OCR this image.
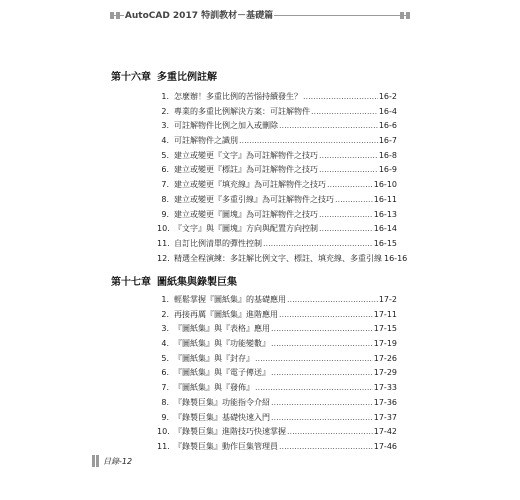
AutoCAD 2017 特訓教材－基礎篇
第十六章 多重比例註解
1. 怎麼辦！多重比例的苦惱持續發生？ .....	16-2
2. 專業的多重比例解決方案：可註解物件 .....	16-4
3. 可註解物件比例之加入或刪除 .....	16-6
4. 可註解物件之識別 .....	16-7
5. 建立或變更『文字』為可註解物件之技巧 .....	16-8
6. 建立或變更『標註』為可註解物件之技巧 .....	16-9
7. 建立或變更『填充線』為可註解物件之技巧 .....	16-10
8. 建立或變更『多重引線』為可註解物件之技巧 .....	16-11
9. 建立或變更『圖塊』為可註解物件之技巧 .....	16-13
10. 『文字』與『圖塊』方向與配置方向控制 .....	16-14
11. 自訂比例清單的彈性控制 .....	16-15
12. 精選全程演練：多註解比例文字、標註、填充線、多重引線 16-16
第十七章 圖紙集與錄製巨集
1. 輕鬆掌握『圖紙集』的基礎應用 .....	17-2
2. 再接再厲『圖紙集』進階應用 .....	17-11
3. 『圖紙集』與『表格』應用 .....	17-15
4. 『圖紙集』與『功能變數』 .....	17-19
5. 『圖紙集』與『封存』 .....	17-26
6. 『圖紙集』與『電子傳送』 .....	17-29
7. 『圖紙集』與『發佈』 .....	17-33
8. 『錄製巨集』功能指令介紹 .....	17-36
9. 『錄製巨集』基礎快速入門 .....	17-37
10. 『錄製巨集』進階技巧快速掌握 .....	17-42
11. 『錄製巨集』動作巨集管理員 .....	17-46
目錄-12
